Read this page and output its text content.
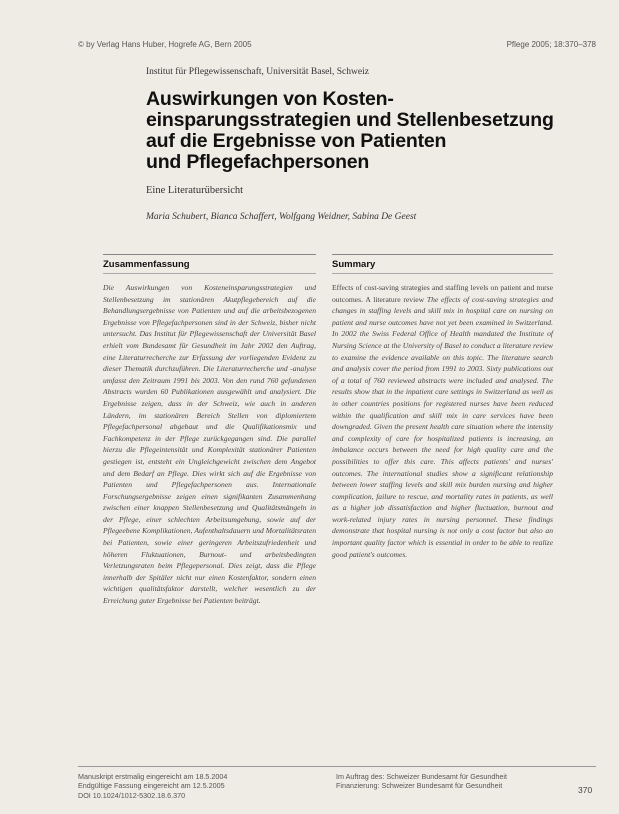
© by Verlag Hans Huber, Hogrefe AG, Bern 2005	Pflege 2005; 18:370–378
Institut für Pflegewissenschaft, Universität Basel, Schweiz
Auswirkungen von Kosten-
einsparungsstrategien und Stellenbesetzung
auf die Ergebnisse von Patienten
und Pflegefachpersonen
Eine Literaturübersicht
Maria Schubert, Bianca Schaffert, Wolfgang Weidner, Sabina De Geest
Zusammenfassung

Die Auswirkungen von Kosteneinsparungsstrategien und Stellenbesetzung im stationären Akutpflegebereich auf die Behandlungsergebnisse von Patienten und auf die arbeitsbezogenen Ergebnisse von Pflegefachpersonen sind in der Schweiz, bisher nicht untersucht. Das Institut für Pflegewissenschaft der Universität Basel erhielt vom Bundesamt für Gesundheit im Jahr 2002 den Auftrag, eine Literaturrecherche zur Erfassung der vorliegenden Evidenz zu dieser Thematik durchzuführen. Die Literaturrecherche und -analyse umfasst den Zeitraum 1991 bis 2003. Von den rund 760 gefundenen Abstracts wurden 60 Publikationen ausgewählt und analysiert. Die Ergebnisse zeigen, dass in der Schweiz, wie auch in anderen Ländern, im stationären Bereich Stellen von diplomiertem Pflegefachpersonal abgebaut und die Qualifikationsmix und Fachkompetenz in der Pflege zurückgegangen sind. Die parallel hierzu die Pflegeintensität und Komplexität stationärer Patienten gestiegen ist, entsteht ein Ungleichgewicht zwischen dem Angebot und dem Bedarf an Pflege. Dies wirkt sich auf die Ergebnisse von Patienten und Pflegefachpersonen aus. Internationale Forschungsergebnisse zeigen einen signifikanten Zusammenhang zwischen einer knappen Stellenbesetzung und Qualitätsmängeln in der Pflege, einer schlechten Arbeitsumgebung, sowie auf der Pflegeebene Komplikationen, Aufenthaltsdauern und Mortalitätsraten bei Patienten, sowie einer geringeren Arbeitszufriedenheit und höheren Fluktuationen, Burnout- und arbeitsbedingten Verletzungsraten beim Pflegepersonal. Dies zeigt, dass die Pflege innerhalb der Spitäler nicht nur einen Kostenfaktor, sondern einen wichtigen qualitätsfaktor darstellt, welcher wesentlich zu der Erreichung guter Ergebnisse bei Patienten beiträgt.

Summary

Effects of cost-saving strategies and staffing levels on patient and nurse outcomes. A literature review The effects of cost-saving strategies and changes in staffing levels and skill mix in hospital care on nursing on patient and nurse outcomes have not yet been examined in Switzerland. In 2002 the Swiss Federal Office of Health mandated the Institute of Nursing Science at the University of Basel to conduct a literature review to examine the evidence available on this topic. The literature search and analysis cover the period from 1991 to 2003. Sixty publications out of a total of 760 reviewed abstracts were included and analysed. The results show that in the inpatient care settings in Switzerland as well as in other countries positions for registered nurses have been reduced within the qualification and skill mix in care services have been downgraded. Given the present health care situation where the intensity and complexity of care for hospitalized patients is increasing, an imbalance occurs between the need for high quality care and the possibilities to offer this care. This affects patients' and nurses' outcomes. The international studies show a significant relationship between lower staffing levels and skill mix burden nursing and higher complication, failure to rescue, and mortality rates in patients, as well as a higher job dissatisfaction and higher fluctuation, burnout and work-related injury rates in nursing personnel. These findings demonstrate that hospital nursing is not only a cost factor but also an important quality factor which is essential in order to be able to realize good patient's outcomes.

Manuskript erstmalig eingereicht am 18.5.2004
Endgültige Fassung eingereicht am 12.5.2005
DOI 10.1024/1012-5302.18.6.370
Im Auftrag des: Schweizer Bundesamt für Gesundheit
Finanzierung: Schweizer Bundesamt für Gesundheit	370
